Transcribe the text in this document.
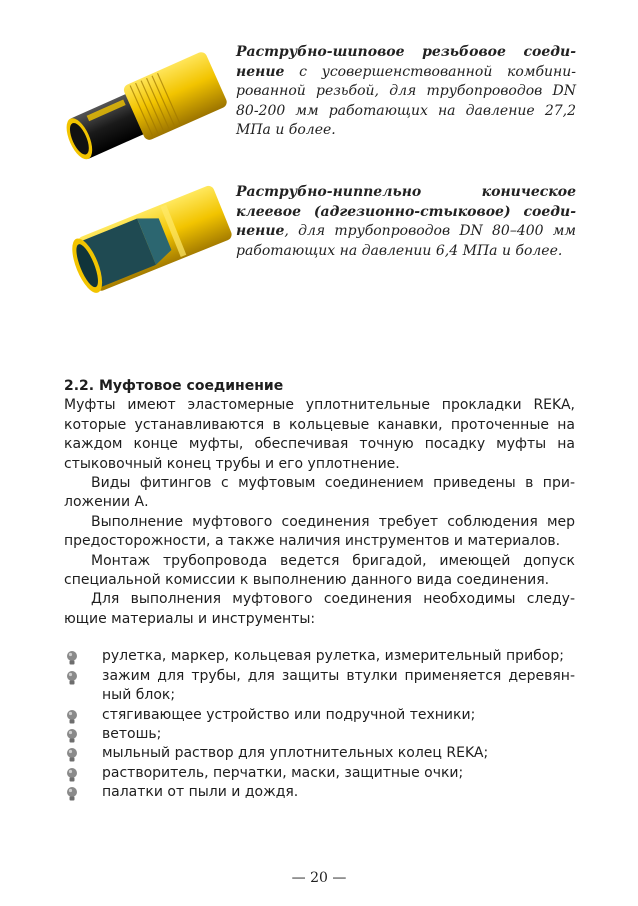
Раструбно-шиповое резьбовое соединение с усовершенствованной комбинированной резьбой, для трубопроводов DN 80-200 мм работающих на давление 27,2 МПа и более.
Раструбно-ниппельно коническое клеевое (адгезионно-стыковое) соединение, для трубопроводов DN 80–400 мм работающих на давлении 6,4 МПа и более.

2.2. Муфтовое соединение

Муфты имеют эластомерные уплотнительные прокладки REKA, которые устанавливаются в кольцевые канавки, проточенные на каждом конце муфты, обеспечивая точную посадку муфты на стыковочный конец трубы и его уплотнение.

Виды фитингов с муфтовым соединением приведены в приложении А.

Выполнение муфтового соединения требует соблюдения мер предосторожности, а также наличия инструментов и материалов.

Монтаж трубопровода ведется бригадой, имеющей допуск специальной комиссии к выполнению данного вида соединения.

Для выполнения муфтового соединения необходимы следующие материалы и инструменты:

рулетка, маркер, кольцевая рулетка, измерительный прибор;
зажим для трубы, для защиты втулки применяется деревянный блок;
стягивающее устройство или подручной техники;
ветошь;
мыльный раствор для уплотнительных колец REKA;
растворитель, перчатки, маски, защитные очки;
палатки от пыли и дождя.
— 20 —
